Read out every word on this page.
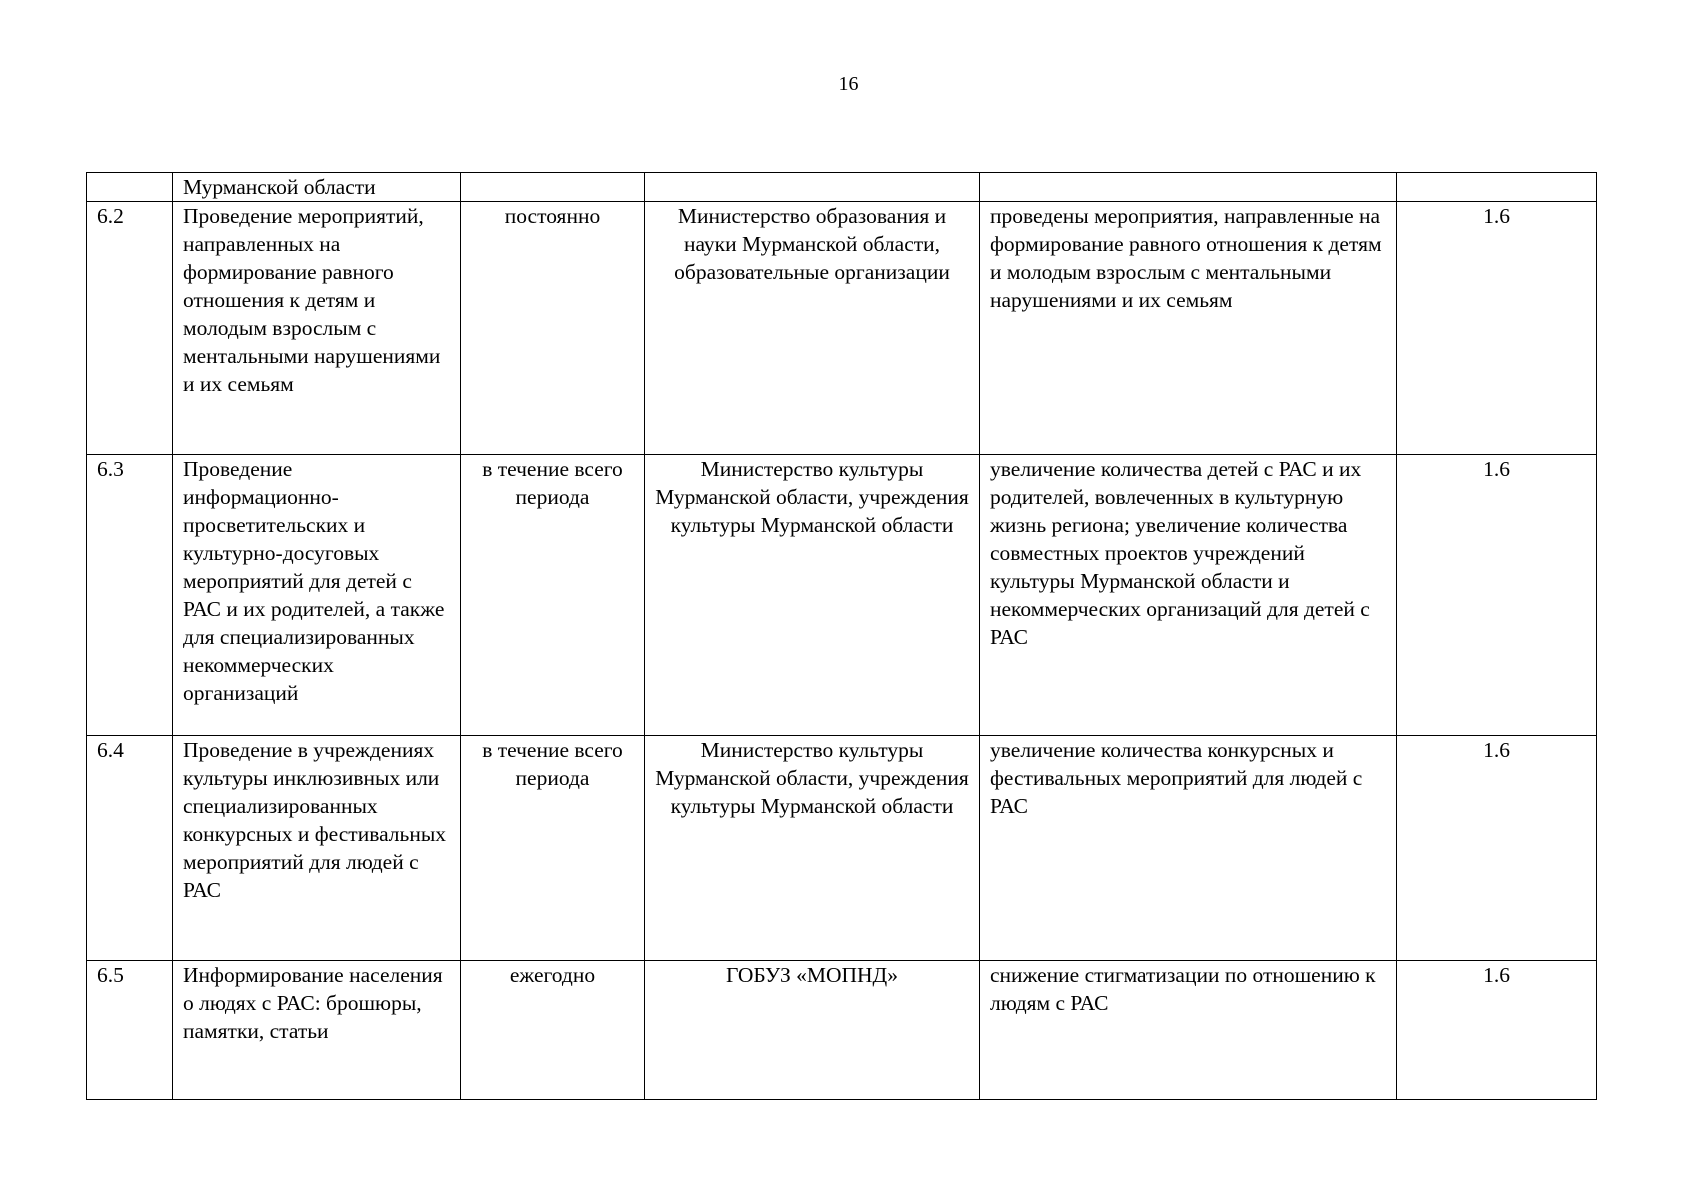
16
	Мурманской области				
6.2	Проведение мероприятий, направленных на формирование равного отношения к детям и молодым взрослым с ментальными нарушениями и их семьям	постоянно	Министерство образования и науки Мурманской области, образовательные организации	проведены мероприятия, направленные на формирование равного отношения к детям и молодым взрослым с ментальными нарушениями и их семьям	1.6
6.3	Проведение информационно-просветительских и культурно-досуговых мероприятий для детей с РАС и их родителей, а также для специализированных некоммерческих организаций	в течение всего периода	Министерство культуры Мурманской области, учреждения культуры Мурманской области	увеличение количества детей с РАС и их родителей, вовлеченных в культурную жизнь региона; увеличение количества совместных проектов учреждений культуры Мурманской области и некоммерческих организаций для детей с РАС	1.6
6.4	Проведение в учреждениях культуры инклюзивных или специализированных конкурсных и фестивальных мероприятий для людей с РАС	в течение всего периода	Министерство культуры Мурманской области, учреждения культуры Мурманской области	увеличение количества конкурсных и фестивальных мероприятий для людей с РАС	1.6
6.5	Информирование населения о людях с РАС: брошюры, памятки, статьи	ежегодно	ГОБУЗ «МОПНД»	снижение стигматизации по отношению к людям с РАС	1.6
